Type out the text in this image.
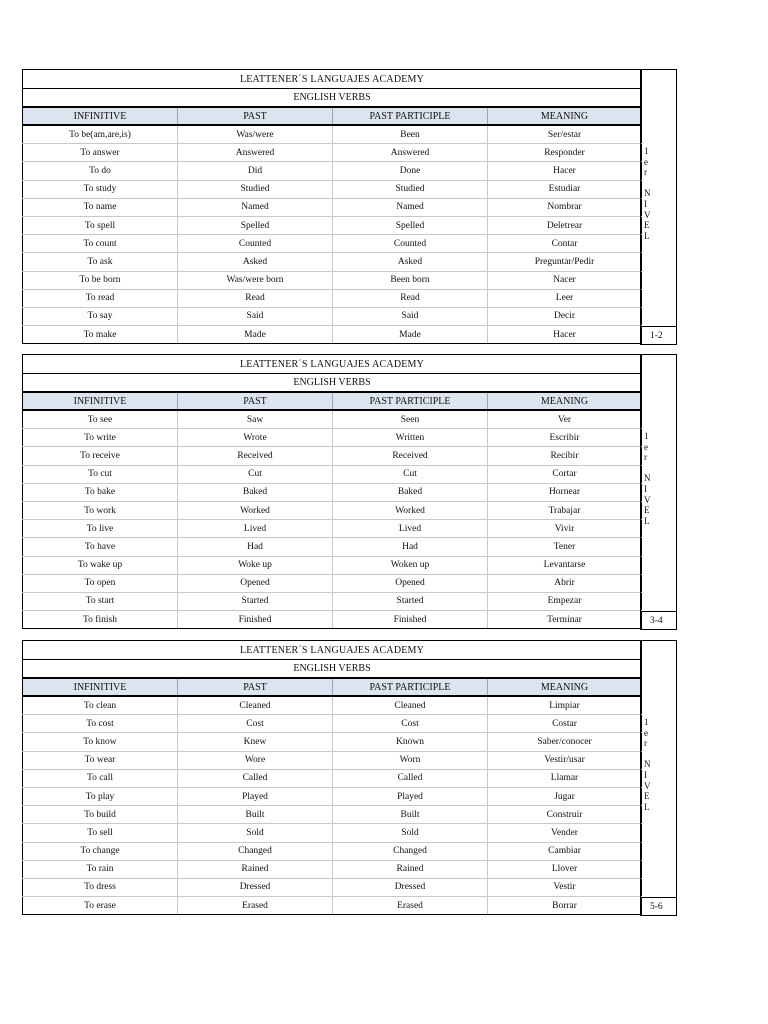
LEATTENER´S LANGUAJES ACADEMY			
ENGLISH VERBS			
INFINITIVE	PAST	PAST PARTICIPLE	MEANING
To be(am,are,is)	Was/were	Been	Ser/estar
To answer	Answered	Answered	Responder
To do	Did	Done	Hacer
To study	Studied	Studied	Estudiar
To name	Named	Named	Nombrar
To spell	Spelled	Spelled	Deletrear
To count	Counted	Counted	Contar
To ask	Asked	Asked	Preguntar/Pedir
To be born	Was/were born	Been born	Nacer
To read	Read	Read	Leer
To say	Said	Said	Decir
To make	Made	Made	Hacer
1
e
r

N
I
V
E
L
1-2
LEATTENER´S LANGUAJES ACADEMY			
ENGLISH VERBS			
INFINITIVE	PAST	PAST PARTICIPLE	MEANING
To see	Saw	Seen	Ver
To write	Wrote	Written	Escribir
To receive	Received	Received	Recibir
To cut	Cut	Cut	Cortar
To bake	Baked	Baked	Hornear
To work	Worked	Worked	Trabajar
To live	Lived	Lived	Vivir
To have	Had	Had	Tener
To wake up	Woke up	Woken up	Levantarse
To open	Opened	Opened	Abrir
To start	Started	Started	Empezar
To finish	Finished	Finished	Terminar
1
e
r

N
I
V
E
L
3-4
LEATTENER´S LANGUAJES ACADEMY			
ENGLISH VERBS			
INFINITIVE	PAST	PAST PARTICIPLE	MEANING
To clean	Cleaned	Cleaned	Limpiar
To cost	Cost	Cost	Costar
To know	Knew	Known	Saber/conocer
To wear	Wore	Worn	Vestir/usar
To call	Called	Called	Llamar
To play	Played	Played	Jugar
To build	Built	Built	Construir
To sell	Sold	Sold	Vender
To change	Changed	Changed	Cambiar
To rain	Rained	Rained	Llover
To dress	Dressed	Dressed	Vestir
To erase	Erased	Erased	Borrar
1
e
r

N
I
V
E
L
5-6
